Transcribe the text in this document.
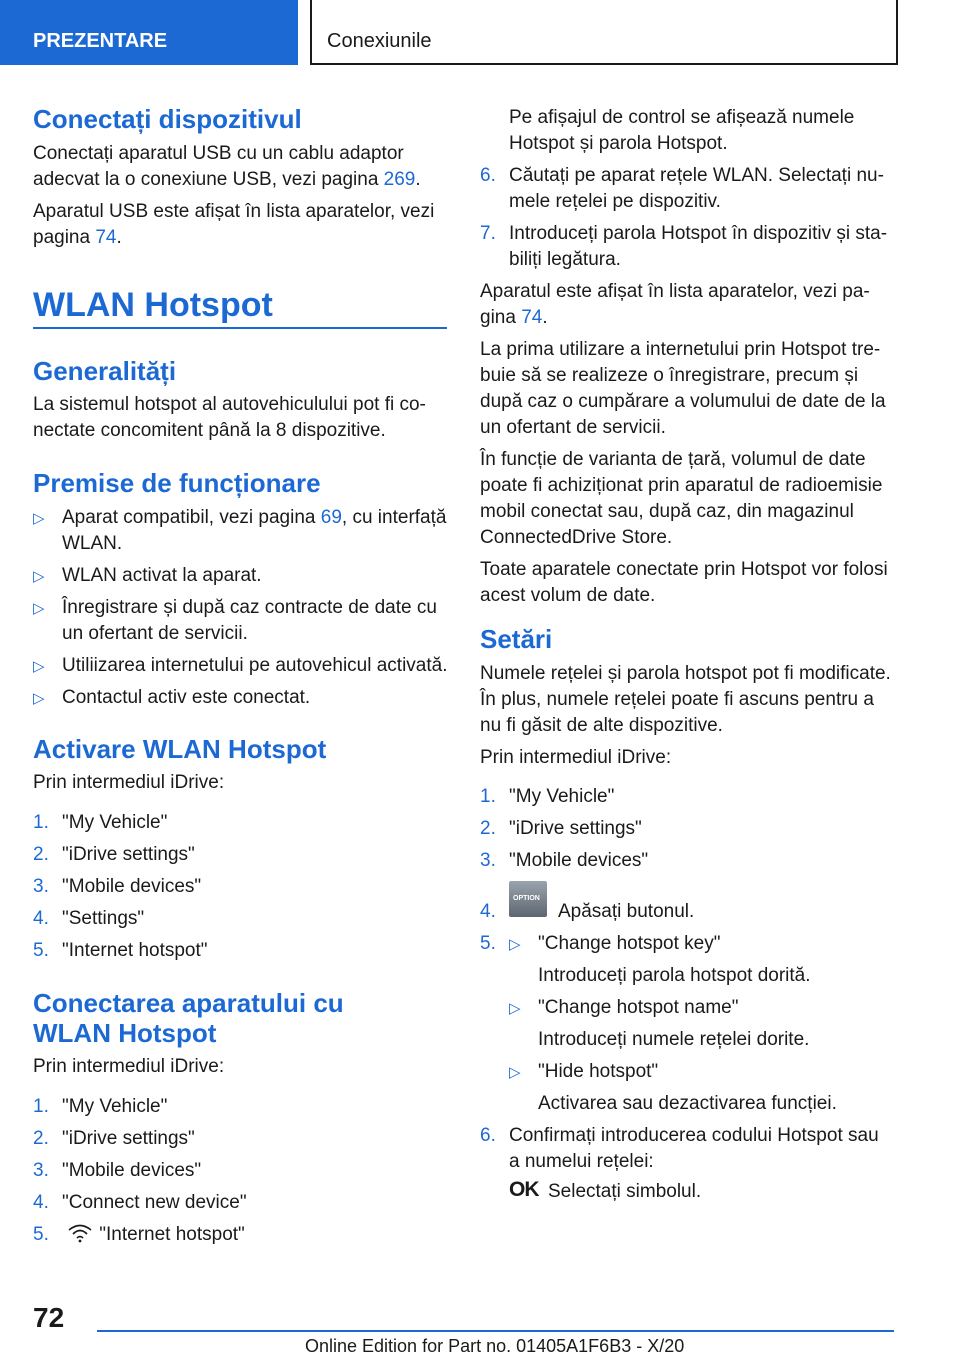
PREZENTARE	Conexiunile
Conectați dispozitivul
Conectați aparatul USB cu un cablu adaptor
adecvat la o conexiune USB, vezi pagina 269.
Aparatul USB este afișat în lista aparatelor, vezi
pagina 74.
WLAN Hotspot
Generalități
La sistemul hotspot al autovehiculului pot fi co-
nectate concomitent până la 8 dispozitive.
Premise de funcționare
▷ Aparat compatibil, vezi pagina 69, cu interfață
WLAN.
▷ WLAN activat la aparat.
▷ Înregistrare și după caz contracte de date cu
un ofertant de servicii.
▷ Utiliizarea internetului pe autovehicul activată.
▷ Contactul activ este conectat.
Activare WLAN Hotspot
Prin intermediul iDrive:
1. "My Vehicle"
2. "iDrive settings"
3. "Mobile devices"
4. "Settings"
5. "Internet hotspot"
Conectarea aparatului cu
WLAN Hotspot
Prin intermediul iDrive:
1. "My Vehicle"
2. "iDrive settings"
3. "Mobile devices"
4. "Connect new device"
5.	"Internet hotspot"
Pe afișajul de control se afișează numele
Hotspot și parola Hotspot.
6. Căutați pe aparat rețele WLAN. Selectați nu-
mele rețelei pe dispozitiv.
7. Introduceți parola Hotspot în dispozitiv și sta-
biliți legătura.
Aparatul este afișat în lista aparatelor, vezi pa-
gina 74.
La prima utilizare a internetului prin Hotspot tre-
buie să se realizeze o înregistrare, precum și
după caz o cumpărare a volumului de date de la
un ofertant de servicii.
În funcție de varianta de țară, volumul de date
poate fi achiziționat prin aparatul de radioemisie
mobil conectat sau, după caz, din magazinul
ConnectedDrive Store.
Toate aparatele conectate prin Hotspot vor folosi
acest volum de date.
Setări
Numele rețelei și parola hotspot pot fi modificate.
În plus, numele rețelei poate fi ascuns pentru a
nu fi găsit de alte dispozitive.
Prin intermediul iDrive:
1. "My Vehicle"
2. "iDrive settings"
3. "Mobile devices"
4.
OPTION
Apăsați butonul.
5. ▷ "Change hotspot key"
Introduceți parola hotspot dorită.
▷ "Change hotspot name"
Introduceți numele rețelei dorite.
▷ "Hide hotspot"
Activarea sau dezactivarea funcției.
6. Confirmați introducerea codului Hotspot sau
a numelui rețelei:
OK Selectați simbolul.
72
Online Edition for Part no. 01405A1F6B3 - X/20
